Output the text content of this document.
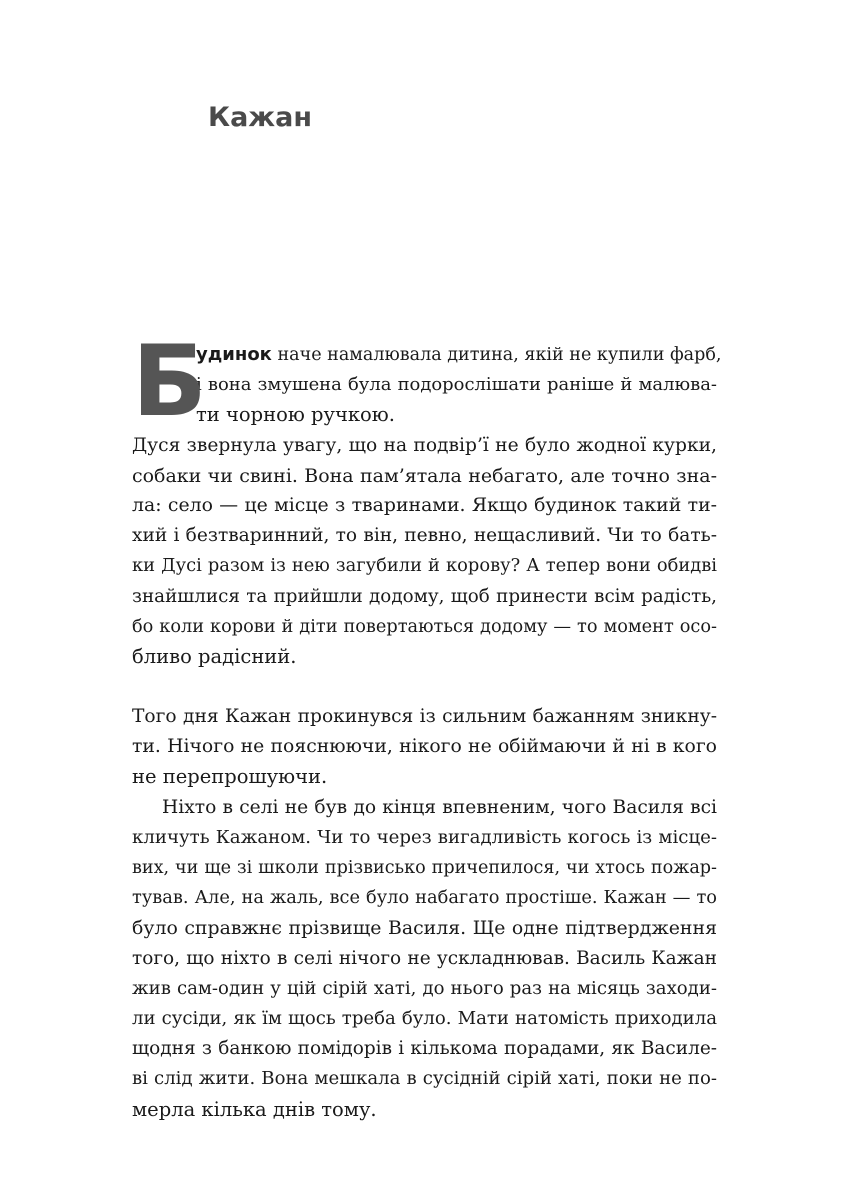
Кажан
Б
удинок наче намалювала дитина, якій не купили фарб,
і вона змушена була подорослішати раніше й малюва-
ти чорною ручкою.
Дуся звернула увагу, що на подвір’ї не було жодної курки,
собаки чи свині. Вона пам’ятала небагато, але точно зна-
ла: село — це місце з тваринами. Якщо будинок такий ти-
хий і безтваринний, то він, певно, нещасливий. Чи то бать-
ки Дусі разом із нею загубили й корову? А тепер вони обидві
знайшлися та прийшли додому, щоб принести всім радість,
бо коли корови й діти повертаються додому — то момент осо-
бливо радісний.
Того дня Кажан прокинувся із сильним бажанням зникну-
ти. Нічого не пояснюючи, нікого не обіймаючи й ні в кого
не перепрошуючи.
Ніхто в селі не був до кінця впевненим, чого Василя всі
кличуть Кажаном. Чи то через вигадливість когось із місце-
вих, чи ще зі школи прізвисько причепилося, чи хтось пожар-
тував. Але, на жаль, все було набагато простіше. Кажан — то
було справжнє прізвище Василя. Ще одне підтвердження
того, що ніхто в селі нічого не ускладнював. Василь Кажан
жив сам-один у цій сірій хаті, до нього раз на місяць заходи-
ли сусіди, як їм щось треба було. Мати натомість приходила
щодня з банкою помідорів і кількома порадами, як Василе-
ві слід жити. Вона мешкала в сусідній сірій хаті, поки не по-
мерла кілька днів тому.
